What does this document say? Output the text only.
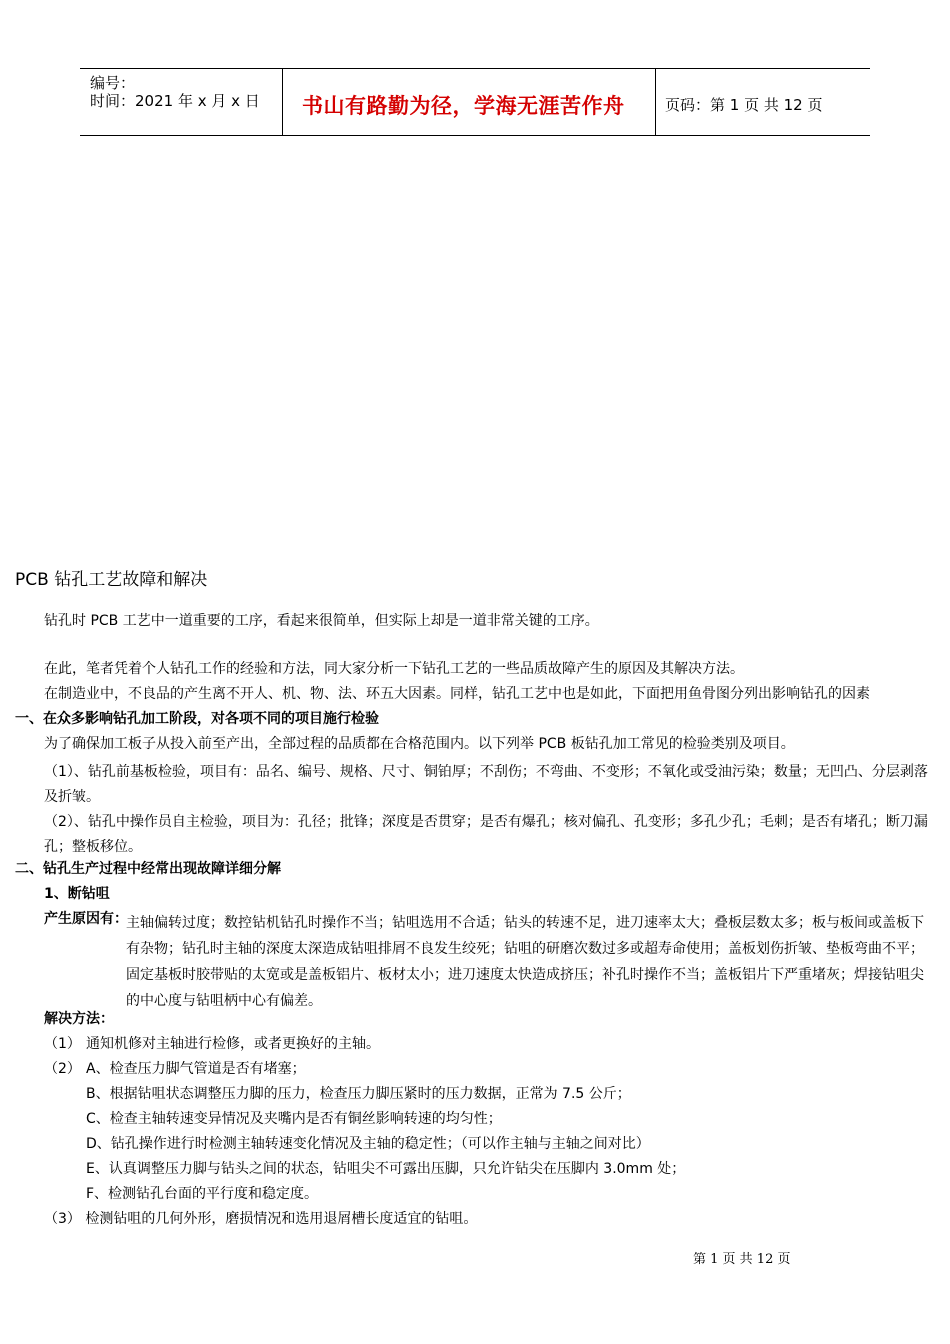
编号：
时间：2021 年 x 月 x 日 书山有路勤为径，学海无涯苦作舟	页码：第 1 页 共 12 页
PCB 钻孔工艺故障和解决
钻孔时 PCB 工艺中一道重要的工序，看起来很简单，但实际上却是一道非常关键的工序。
在此，笔者凭着个人钻孔工作的经验和方法，同大家分析一下钻孔工艺的一些品质故障产生的原因及其解决方法。
在制造业中，不良品的产生离不开人、机、物、法、环五大因素。同样，钻孔工艺中也是如此，下面把用鱼骨图分列出影响钻孔的因素
一、在众多影响钻孔加工阶段，对各项不同的项目施行检验
为了确保加工板子从投入前至产出，全部过程的品质都在合格范围内。以下列举 PCB 板钻孔加工常见的检验类别及项目。
（1）、钻孔前基板检验，项目有：品名、编号、规格、尺寸、铜铂厚；不刮伤；不弯曲、不变形；不氧化或受油污染；数量；无凹凸、分层剥落及折皱。
（2）、钻孔中操作员自主检验，项目为：孔径；批锋；深度是否贯穿；是否有爆孔；核对偏孔、孔变形；多孔少孔；毛刺；是否有堵孔；断刀漏孔；整板移位。
二、钻孔生产过程中经常出现故障详细分解
1、断钻咀
产生原因有：
主轴偏转过度；数控钻机钻孔时操作不当；钻咀选用不合适；钻头的转速不足，进刀速率太大；叠板层数太多；板与板间或盖板下有杂物；钻孔时主轴的深度太深造成钻咀排屑不良发生绞死；钻咀的研磨次数过多或超寿命使用；盖板划伤折皱、垫板弯曲不平；固定基板时胶带贴的太宽或是盖板铝片、板材太小；进刀速度太快造成挤压；补孔时操作不当；盖板铝片下严重堵灰；焊接钻咀尖的中心度与钻咀柄中心有偏差。
解决方法：
（1） 通知机修对主轴进行检修，或者更换好的主轴。
（2） A、检查压力脚气管道是否有堵塞；
B、根据钻咀状态调整压力脚的压力，检查压力脚压紧时的压力数据，正常为 7.5 公斤；
C、检查主轴转速变异情况及夹嘴内是否有铜丝影响转速的均匀性；
D、钻孔操作进行时检测主轴转速变化情况及主轴的稳定性；（可以作主轴与主轴之间对比）
E、认真调整压力脚与钻头之间的状态，钻咀尖不可露出压脚，只允许钻尖在压脚内 3.0mm 处；
F、检测钻孔台面的平行度和稳定度。
（3） 检测钻咀的几何外形，磨损情况和选用退屑槽长度适宜的钻咀。
第 1 页 共 12 页
